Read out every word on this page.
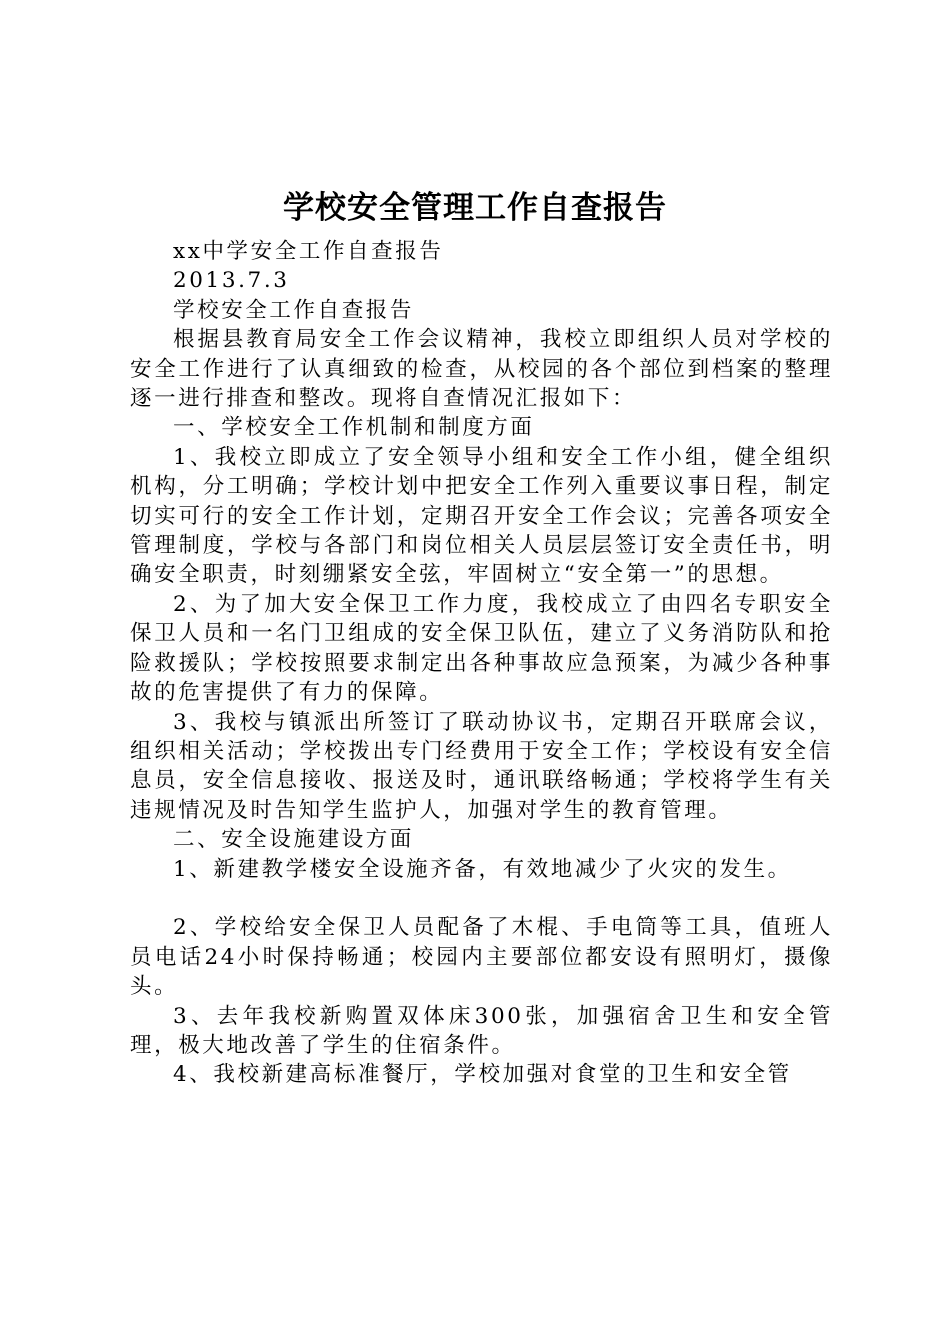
学校安全管理工作自查报告

xx中学安全工作自查报告

2013.7.3

学校安全工作自查报告

根据县教育局安全工作会议精神，我校立即组织人员对学校的安全工作进行了认真细致的检查，从校园的各个部位到档案的整理逐一进行排查和整改。现将自查情况汇报如下：

一、学校安全工作机制和制度方面

1、我校立即成立了安全领导小组和安全工作小组，健全组织机构，分工明确；学校计划中把安全工作列入重要议事日程，制定切实可行的安全工作计划，定期召开安全工作会议；完善各项安全管理制度，学校与各部门和岗位相关人员层层签订安全责任书，明确安全职责，时刻绷紧安全弦，牢固树立“安全第一”的思想。

2、为了加大安全保卫工作力度，我校成立了由四名专职安全保卫人员和一名门卫组成的安全保卫队伍，建立了义务消防队和抢险救援队；学校按照要求制定出各种事故应急预案，为减少各种事故的危害提供了有力的保障。

3、我校与镇派出所签订了联动协议书，定期召开联席会议，组织相关活动；学校拨出专门经费用于安全工作；学校设有安全信息员，安全信息接收、报送及时，通讯联络畅通；学校将学生有关违规情况及时告知学生监护人，加强对学生的教育管理。

二、安全设施建设方面

1、新建教学楼安全设施齐备，有效地减少了火灾的发生。

2、学校给安全保卫人员配备了木棍、手电筒等工具，值班人员电话24小时保持畅通；校园内主要部位都安设有照明灯，摄像头。

3、去年我校新购置双体床300张，加强宿舍卫生和安全管理，极大地改善了学生的住宿条件。

4、我校新建高标准餐厅，学校加强对食堂的卫生和安全管
